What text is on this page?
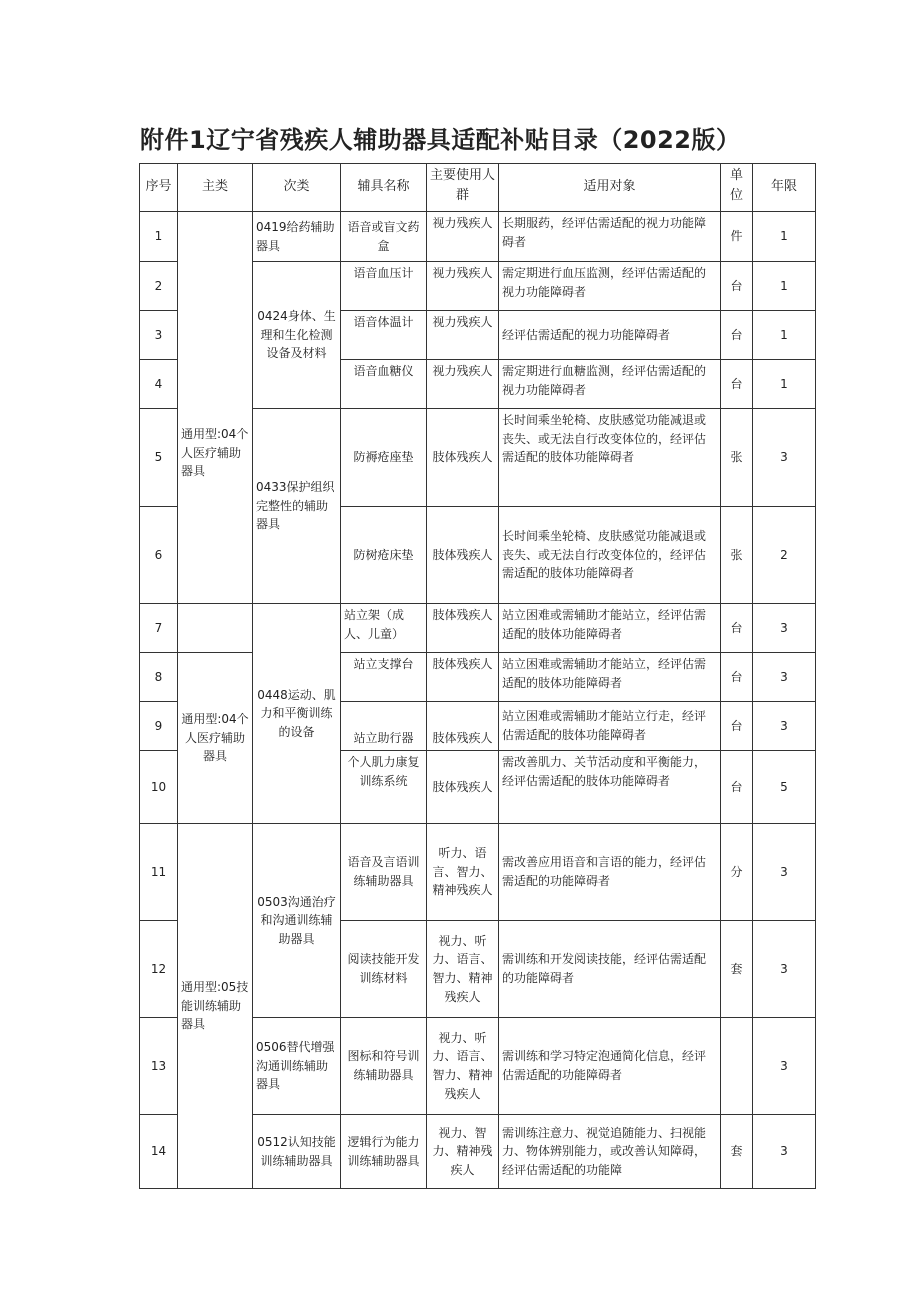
附件1辽宁省残疾人辅助器具适配补贴目录（2022版）
序号	主类	次类	辅具名称	主要使用人群	适用对象	单位	年限
1	通用型:04个人医疗辅助器具	0419给药辅助器具	语音或盲文药盒	视力残疾人	长期服药，经评估需适配的视力功能障碍者	件	1
2		0424身体、生理和生化检测设备及材料	语音血压计	视力残疾人	需定期进行血压监测，经评估需适配的视力功能障碍者	台	1
3			语音体温计	视力残疾人	经评估需适配的视力功能障碍者	台	1
4			语音血糖仪	视力残疾人	需定期进行血糖监测，经评估需适配的视力功能障碍者	台	1
5		0433保护组织完整性的辅助器具	防褥疮座垫	肢体残疾人	长时间乘坐轮椅、皮肤感觉功能减退或丧失、或无法自行改变体位的，经评估需适配的肢体功能障碍者	张	3
6			防树疮床垫	肢体残疾人	长时间乘坐轮椅、皮肤感觉功能减退或丧失、或无法自行改变体位的，经评估需适配的肢体功能障碍者	张	2
7		0448运动、肌力和平衡训练的设备	站立架（成人、儿童）	肢体残疾人	站立困难或需辅助才能站立，经评估需适配的肢体功能障碍者	台	3
8	通用型:04个人医疗辅助器具		站立支撑台	肢体残疾人	站立困难或需辅助才能站立，经评估需适配的肢体功能障碍者	台	3
9			站立助行器	肢体残疾人	站立困难或需辅助才能站立行走，经评估需适配的肢体功能障碍者	台	3
10			个人肌力康复训练系统	肢体残疾人	需改善肌力、关节活动度和平衡能力，经评估需适配的肢体功能障碍者	台	5
11	通用型:05技能训练辅助器具	0503沟通治疗和沟通训练辅助器具	语音及言语训练辅助器具	听力、语言、智力、精神残疾人	需改善应用语音和言语的能力，经评估需适配的功能障碍者	分	3
12			阅读技能开发训练材料	视力、听力、语言、智力、精神残疾人	需训练和开发阅读技能，经评估需适配的功能障碍者	套	3
13		0506替代增强沟通训练辅助器具	图标和符号训练辅助器具	视力、听力、语言、智力、精神残疾人	需训练和学习特定泡通简化信息，经评估需适配的功能障碍者		3
14		0512认知技能训练辅助器具	逻辑行为能力训练辅助器具	视力、智力、精神残疾人	需训练注意力、视觉追随能力、扫视能力、物体辨别能力，或改善认知障碍，经评估需适配的功能障	套	3
